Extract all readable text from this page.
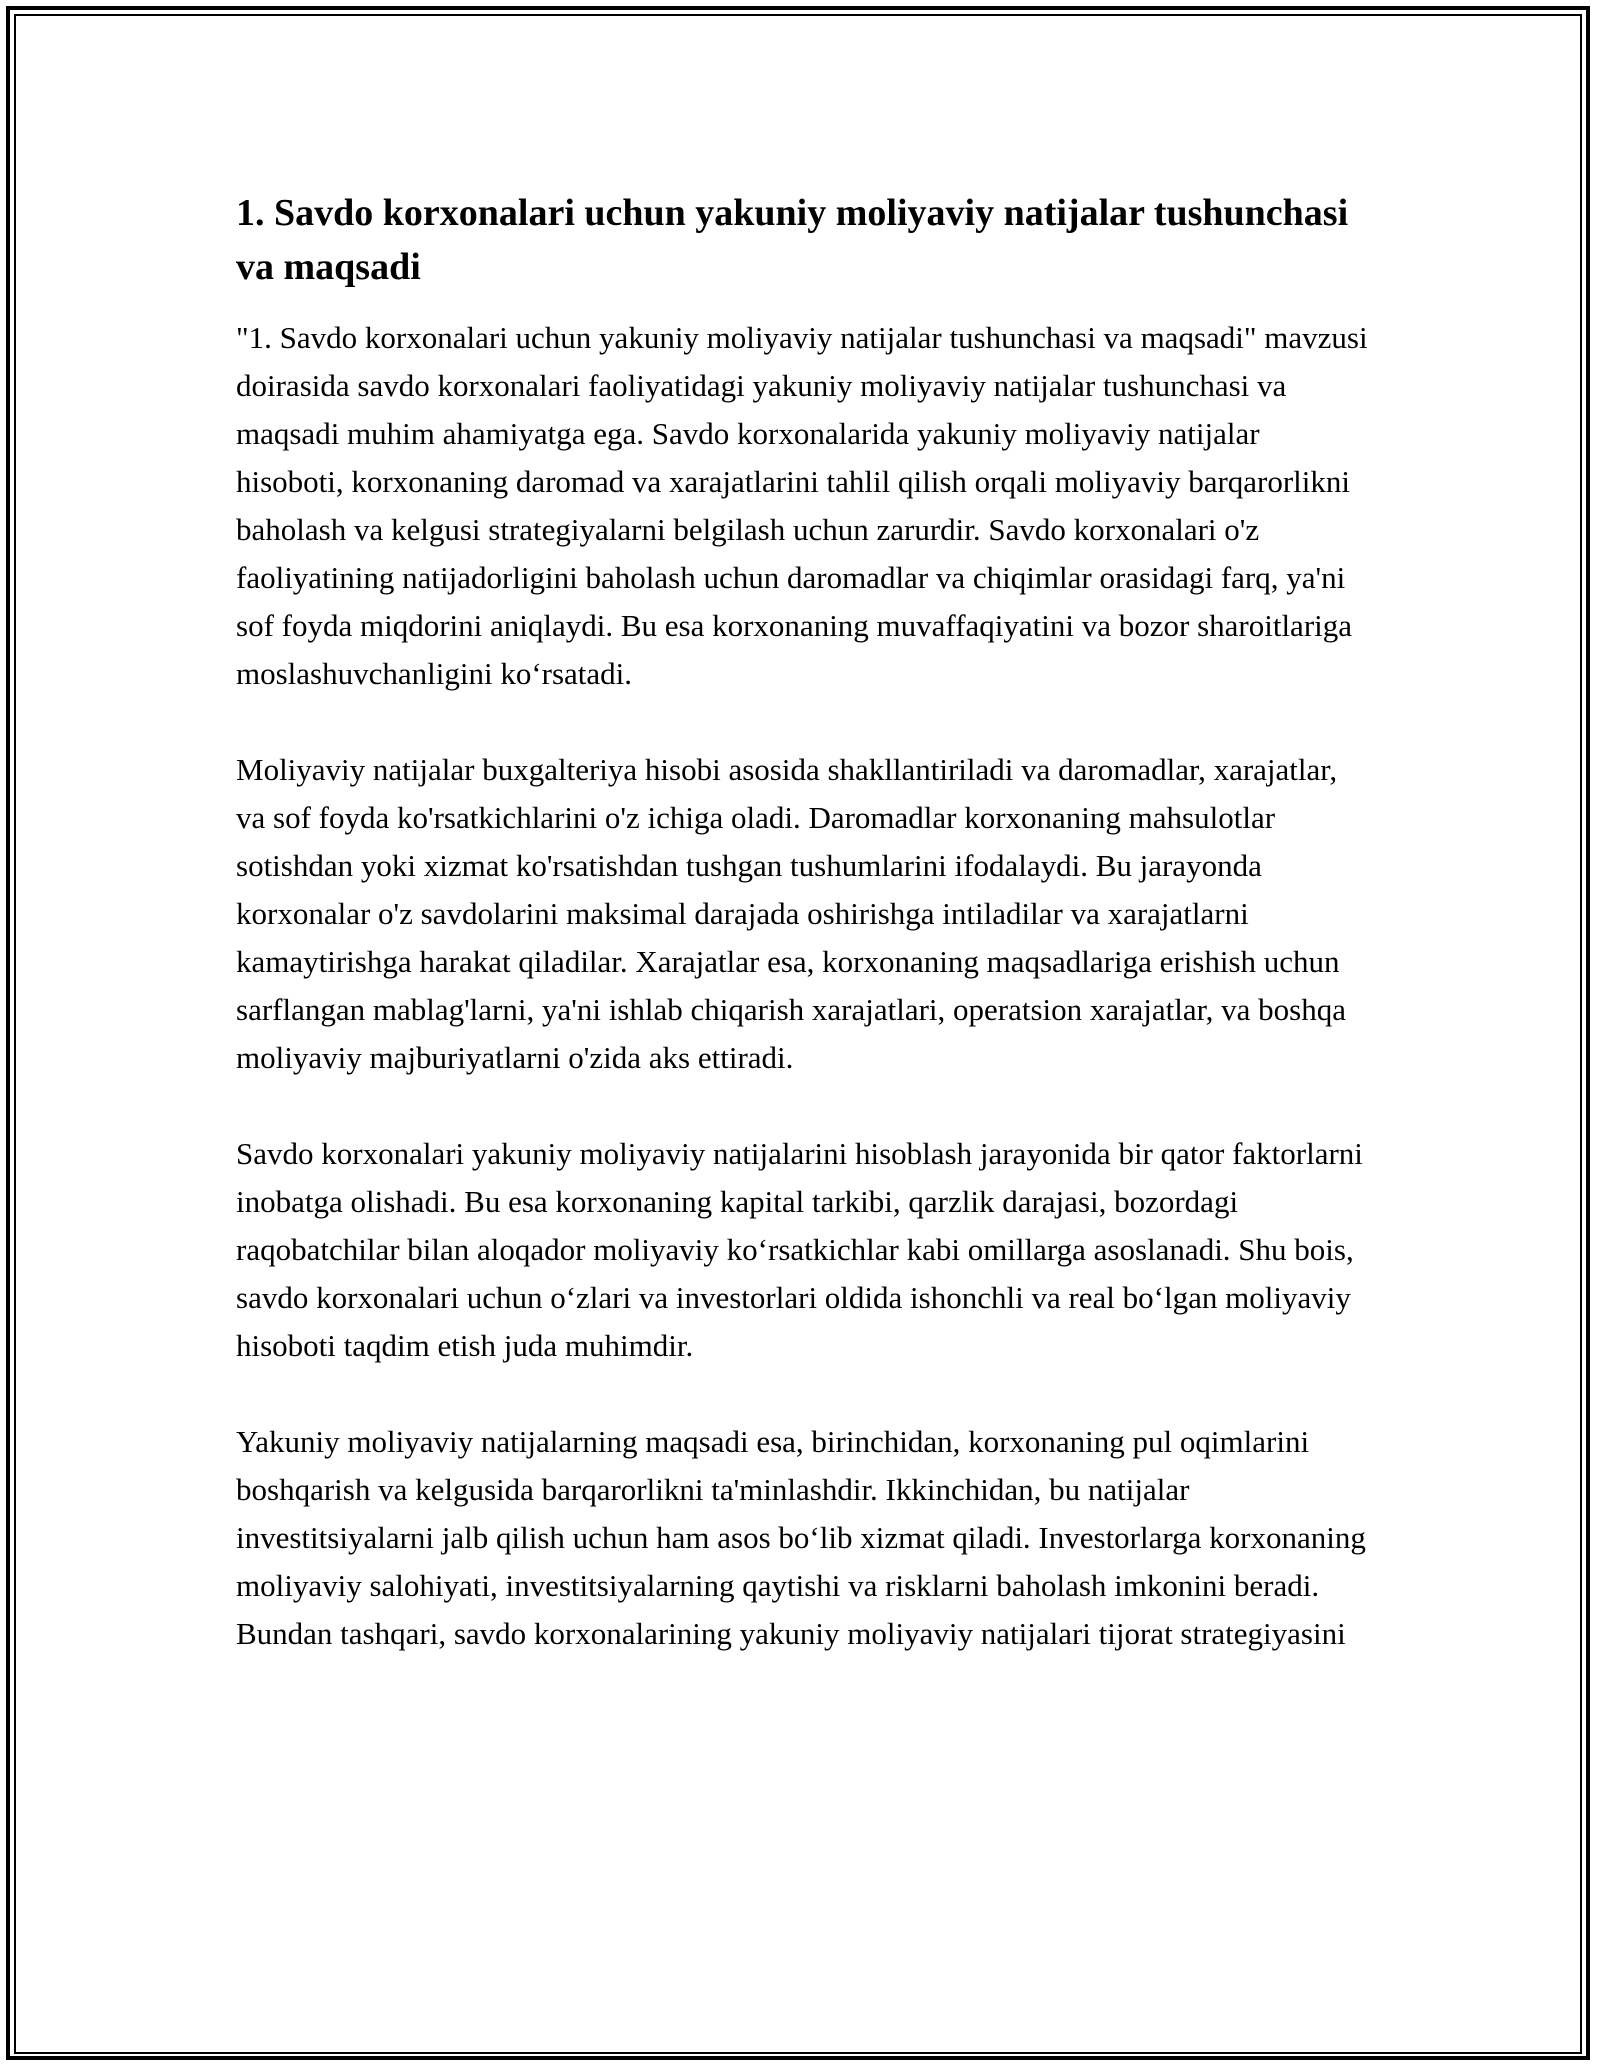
1. Savdo korxonalari uchun yakuniy moliyaviy natijalar tushunchasi va maqsadi

"1. Savdo korxonalari uchun yakuniy moliyaviy natijalar tushunchasi va maqsadi" mavzusi doirasida savdo korxonalari faoliyatidagi yakuniy moliyaviy natijalar tushunchasi va maqsadi muhim ahamiyatga ega. Savdo korxonalarida yakuniy moliyaviy natijalar hisoboti, korxonaning daromad va xarajatlarini tahlil qilish orqali moliyaviy barqarorlikni baholash va kelgusi strategiyalarni belgilash uchun zarurdir. Savdo korxonalari o'z faoliyatining natijadorligini baholash uchun daromadlar va chiqimlar orasidagi farq, ya'ni sof foyda miqdorini aniqlaydi. Bu esa korxonaning muvaffaqiyatini va bozor sharoitlariga moslashuvchanligini koʻrsatadi.

Moliyaviy natijalar buxgalteriya hisobi asosida shakllantiriladi va daromadlar, xarajatlar, va sof foyda ko'rsatkichlarini o'z ichiga oladi. Daromadlar korxonaning mahsulotlar sotishdan yoki xizmat ko'rsatishdan tushgan tushumlarini ifodalaydi. Bu jarayonda korxonalar o'z savdolarini maksimal darajada oshirishga intiladilar va xarajatlarni kamaytirishga harakat qiladilar. Xarajatlar esa, korxonaning maqsadlariga erishish uchun sarflangan mablag'larni, ya'ni ishlab chiqarish xarajatlari, operatsion xarajatlar, va boshqa moliyaviy majburiyatlarni o'zida aks ettiradi.

Savdo korxonalari yakuniy moliyaviy natijalarini hisoblash jarayonida bir qator faktorlarni inobatga olishadi. Bu esa korxonaning kapital tarkibi, qarzlik darajasi, bozordagi raqobatchilar bilan aloqador moliyaviy koʻrsatkichlar kabi omillarga asoslanadi. Shu bois, savdo korxonalari uchun oʻzlari va investorlari oldida ishonchli va real boʻlgan moliyaviy hisoboti taqdim etish juda muhimdir.

Yakuniy moliyaviy natijalarning maqsadi esa, birinchidan, korxonaning pul oqimlarini boshqarish va kelgusida barqarorlikni ta'minlashdir. Ikkinchidan, bu natijalar investitsiyalarni jalb qilish uchun ham asos boʻlib xizmat qiladi. Investorlarga korxonaning moliyaviy salohiyati, investitsiyalarning qaytishi va risklarni baholash imkonini beradi. Bundan tashqari, savdo korxonalarining yakuniy moliyaviy natijalari tijorat strategiyasini
